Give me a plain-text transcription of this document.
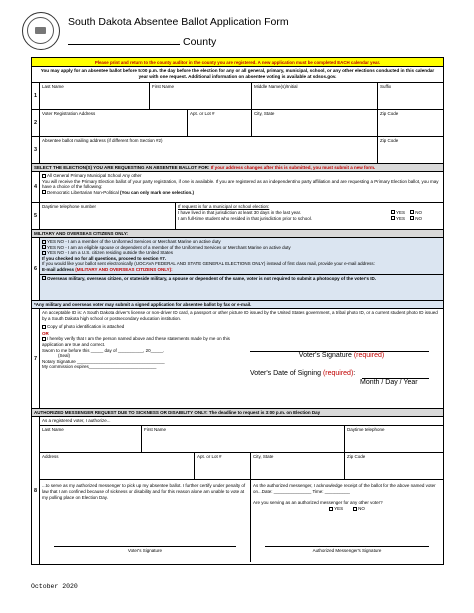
South Dakota Absentee Ballot Application Form
County
Please print and return to the county auditor in the county you are registered. A new application must be completed EACH calendar year.
You may apply for an absentee ballot before 5:00 p.m. the day before the election for any or all general, primary, municipal, school, or any other elections conducted in this calendar year with one request. Additional information on absentee voting is available at sdsos.gov.
1
Last Name	First Name	Middle Name(s)/Initial	Suffix
2
Voter Registration Address	Apt. or Lot #	City, State	Zip Code
3
Absentee ballot mailing address (if different from Section #2)	Zip Code
SELECT THE ELECTION(S) YOU ARE REQUESTING AN ABSENTEE BALLOT FOR: If your address changes after this is submitted, you must submit a new form.
4
All General Primary Municipal School Any other
You will receive the Primary Election ballot of your party registration, if one is available. If you are registered as an independent/no party affiliation and are requesting a Primary Election ballot, you may have a choice of the following:
Democratic Libertarian Non-Political (You can only mark one selection.)
5
Daytime telephone number	If request is for a municipal or school election:
I have lived in that jurisdiction at least 30 days in the last year.	YES NO
I am full-time student who resided in that jurisdiction prior to school.	YES NO
MILITARY AND OVERSEAS CITIZENS ONLY:
6
YES NO - I am a member of the Uniformed Services or Merchant Marine on active duty
YES NO - I am an eligible spouse or dependent of a member of the Uniformed Services or Merchant Marine on active duty
YES NO - I am a U.S. citizen residing outside the United States
If you checked no for all questions, proceed to section #7.
If you would like your ballot sent electronically (UOCAVA FEDERAL AND STATE GENERAL ELECTIONS ONLY) instead of first class mail, provide your e-mail address:
E-mail address (MILITARY AND OVERSEAS CITIZENS ONLY):
Overseas military, overseas citizen, or stateside military, a spouse or dependent of the same, voter is not required to submit a photocopy of the voter's ID.
*Any military and overseas voter may submit a signed application for absentee ballot by fax or e-mail.
7
An acceptable ID is: A South Dakota driver's license or non-driver ID card, a passport or other picture ID issued by the United States government, a tribal photo ID, or a current student photo ID issued by a South Dakota high school or postsecondary education institution.
Copy of photo identification is attached
OR
I hereby verify that I am the person named above and these statements made by me on this application are true and correct.
Sworn to me before this _____ day of __________, 20_____.
(Seal)
Notary Signature ___________________________________
My commission expires___________________________
Voter's Signature (required)
Voter's Date of Signing (required):
Month / Day / Year
AUTHORIZED MESSENGER REQUEST DUE TO SICKNESS OR DISABILITY ONLY: The deadline to request is 3:00 p.m. on Election Day
8
As a registered voter, I authorize...
Last Name	First Name	Daytime telephone
Address	Apt. or Lot #	City, State	Zip Code
...to serve as my authorized messenger to pick up my absentee ballot. I further certify under penalty of law that I am confined because of sickness or disability and for this reason alone am unable to vote at my polling place on Election Day.
Voter's Signature
As the authorized messenger, I acknowledge receipt of the ballot for the above named voter on...Date: _______________ Time: __________
Are you serving as an authorized messenger for any other voter?
YES	NO
Authorized Messenger's Signature
October 2020
